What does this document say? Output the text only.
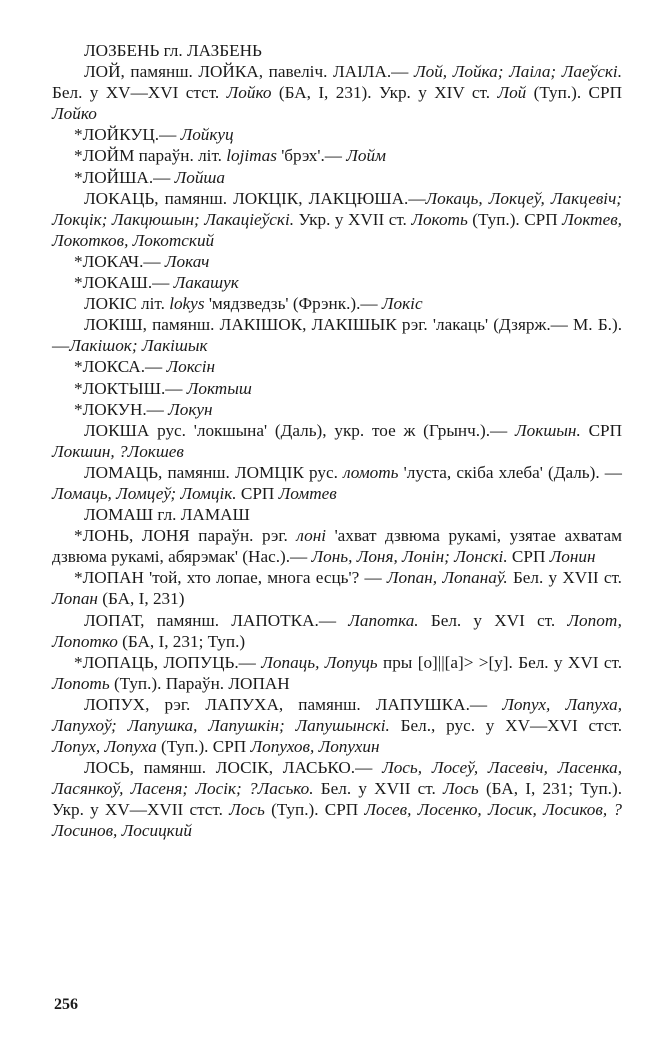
ЛОЗБЕНЬ гл. ЛАЗБЕНЬ

ЛОЙ, памянш. ЛОЙКА, павеліч. ЛАІЛА.— Лой, Лойка; Лаіла; Лаеўскі. Бел. у XV—XVI стст. Лойко (БА, I, 231). Укр. у XIV ст. Лой (Туп.). СРП Лойко

*ЛОЙКУЦ.— Лойкуц

*ЛОЙМ параўн. літ. lojimas 'брэх'.— Лойм

*ЛОЙША.— Лойша

ЛОКАЦЬ, памянш. ЛОКЦІК, ЛАКЦЮША.—Локаць, Локцеў, Лакцевіч; Локцік; Лакцюшын; Лакаціеўскі. Укр. у XVII ст. Локоть (Туп.). СРП Локтев, Локотков, Локотский

*ЛОКАЧ.— Локач

*ЛОКАШ.— Лакашук

ЛОКІС літ. lokys 'мядзведзь' (Фрэнк.).— Локіс

ЛОКІШ, памянш. ЛАКІШОК, ЛАКІШЫК рэг. 'лакаць' (Дзярж.— М. Б.).—Лакішок; Лакішык

*ЛОКСА.— Локсін

*ЛОКТЫШ.— Локтыш

*ЛОКУН.— Локун

ЛОКША рус. 'локшына' (Даль), укр. тое ж (Грынч.).— Локшын. СРП Локшин, ?Локшев

ЛОМАЦЬ, памянш. ЛОМЦІК рус. ломоть 'луста, скіба хлеба' (Даль). — Ломаць, Ломцеў; Ломцік. СРП Ломтев

ЛОМАШ гл. ЛАМАШ

*ЛОНЬ, ЛОНЯ параўн. рэг. лоні 'ахват дзвюма рукамі, узятае ахватам дзвюма рукамі, абярэмак' (Нас.).— Лонь, Лоня, Лонін; Лонскі. СРП Лонин

*ЛОПАН 'той, хто лопае, многа есць'? — Лопан, Лопанаў. Бел. у XVII ст. Лопан (БА, I, 231)

ЛОПАТ, памянш. ЛАПОТКА.— Лапотка. Бел. у XVI ст. Лопот, Лопотко (БА, I, 231; Туп.)

*ЛОПАЦЬ, ЛОПУЦЬ.— Лопаць, Лопуць пры [о]||[а]> >[у]. Бел. у XVI ст. Лопоть (Туп.). Параўн. ЛОПАН

ЛОПУХ, рэг. ЛАПУХА, памянш. ЛАПУШКА.— Лопух, Лапуха, Лапухоў; Лапушка, Лапушкін; Лапушынскі. Бел., рус. у XV—XVI стст. Лопух, Лопуха (Туп.). СРП Лопухов, Лопухин

ЛОСЬ, памянш. ЛОСІК, ЛАСЬКО.— Лось, Лосеў, Ласевіч, Ласенка, Ласянкоў, Ласеня; Лосік; ?Ласько. Бел. у XVII ст. Лось (БА, I, 231; Туп.). Укр. у XV—XVII стст. Лось (Туп.). СРП Лосев, Лосенко, Лосик, Лосиков, ?Лосинов, Лосицкий

256
